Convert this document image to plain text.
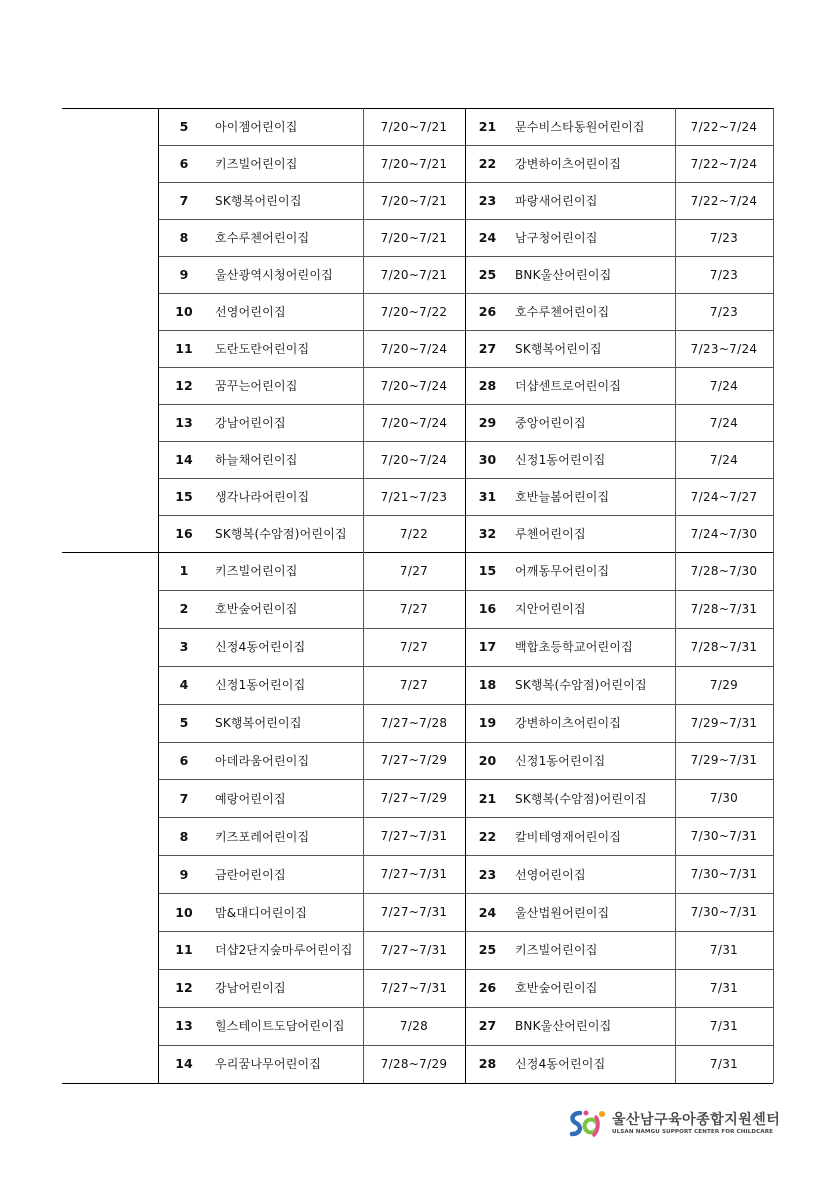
5	아이젬어린이집	7/20~7/21	21	문수비스타동원어린이집	7/22~7/24
6	키즈빌어린이집	7/20~7/21	22	강변하이츠어린이집	7/22~7/24
7	SK행복어린이집	7/20~7/21	23	파랑새어린이집	7/22~7/24
8	호수루첸어린이집	7/20~7/21	24	남구청어린이집	7/23
9	울산광역시청어린이집	7/20~7/21	25	BNK울산어린이집	7/23
10	선영어린이집	7/20~7/22	26	호수루첸어린이집	7/23
11	도란도란어린이집	7/20~7/24	27	SK행복어린이집	7/23~7/24
12	꿈꾸는어린이집	7/20~7/24	28	더샵센트로어린이집	7/24
13	강남어린이집	7/20~7/24	29	중앙어린이집	7/24
14	하늘채어린이집	7/20~7/24	30	신정1동어린이집	7/24
15	생각나라어린이집	7/21~7/23	31	호반늘봄어린이집	7/24~7/27
16	SK행복(수암점)어린이집	7/22	32	루첸어린이집	7/24~7/30
1	키즈빌어린이집	7/27	15	어깨동무어린이집	7/28~7/30
2	호반숲어린이집	7/27	16	지안어린이집	7/28~7/31
3	신정4동어린이집	7/27	17	백합초등학교어린이집	7/28~7/31
4	신정1동어린이집	7/27	18	SK행복(수암점)어린이집	7/29
5	SK행복어린이집	7/27~7/28	19	강변하이츠어린이집	7/29~7/31
6	아데라움어린이집	7/27~7/29	20	신정1동어린이집	7/29~7/31
7	예랑어린이집	7/27~7/29	21	SK행복(수암점)어린이집	7/30
8	키즈포레어린이집	7/27~7/31	22	칼비테영재어린이집	7/30~7/31
9	금란어린이집	7/27~7/31	23	선영어린이집	7/30~7/31
10	맘&대디어린이집	7/27~7/31	24	울산법원어린이집	7/30~7/31
11	더샵2단지숲마루어린이집	7/27~7/31	25	키즈빌어린이집	7/31
12	강남어린이집	7/27~7/31	26	호반숲어린이집	7/31
13	힐스테이트도담어린이집	7/28	27	BNK울산어린이집	7/31
14	우리꿈나무어린이집	7/28~7/29	28	신정4동어린이집	7/31
울산남구육아종합지원센터
ULSAN NAMGU SUPPORT CENTER FOR CHILDCARE
